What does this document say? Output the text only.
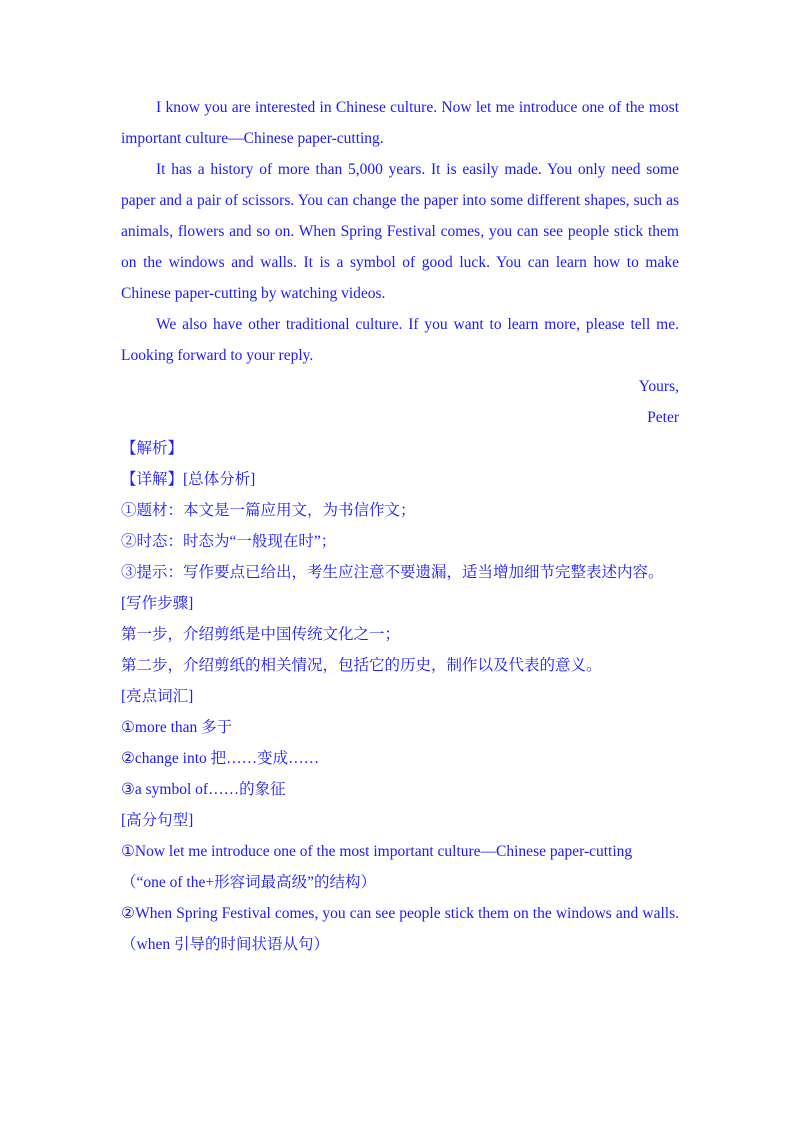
I know you are interested in Chinese culture. Now let me introduce one of the most important culture—Chinese paper-cutting.

It has a history of more than 5,000 years. It is easily made. You only need some paper and a pair of scissors. You can change the paper into some different shapes, such as animals, flowers and so on. When Spring Festival comes, you can see people stick them on the windows and walls. It is a symbol of good luck. You can learn how to make Chinese paper-cutting by watching videos.

We also have other traditional culture. If you want to learn more, please tell me. Looking forward to your reply.

Yours,

Peter

【解析】

【详解】[总体分析]

①题材：本文是一篇应用文，为书信作文；

②时态：时态为“一般现在时”；

③提示：写作要点已给出，考生应注意不要遗漏，适当增加细节完整表述内容。

[写作步骤]

第一步，介绍剪纸是中国传统文化之一；

第二步，介绍剪纸的相关情况，包括它的历史，制作以及代表的意义。

[亮点词汇]

①more than 多于

②change into 把……变成……

③a symbol of……的象征

[高分句型]

①Now let me introduce one of the most important culture—Chinese paper-cutting

（“one of the+形容词最高级”的结构）

②When Spring Festival comes, you can see people stick them on the windows and walls.（when 引导的时间状语从句）
